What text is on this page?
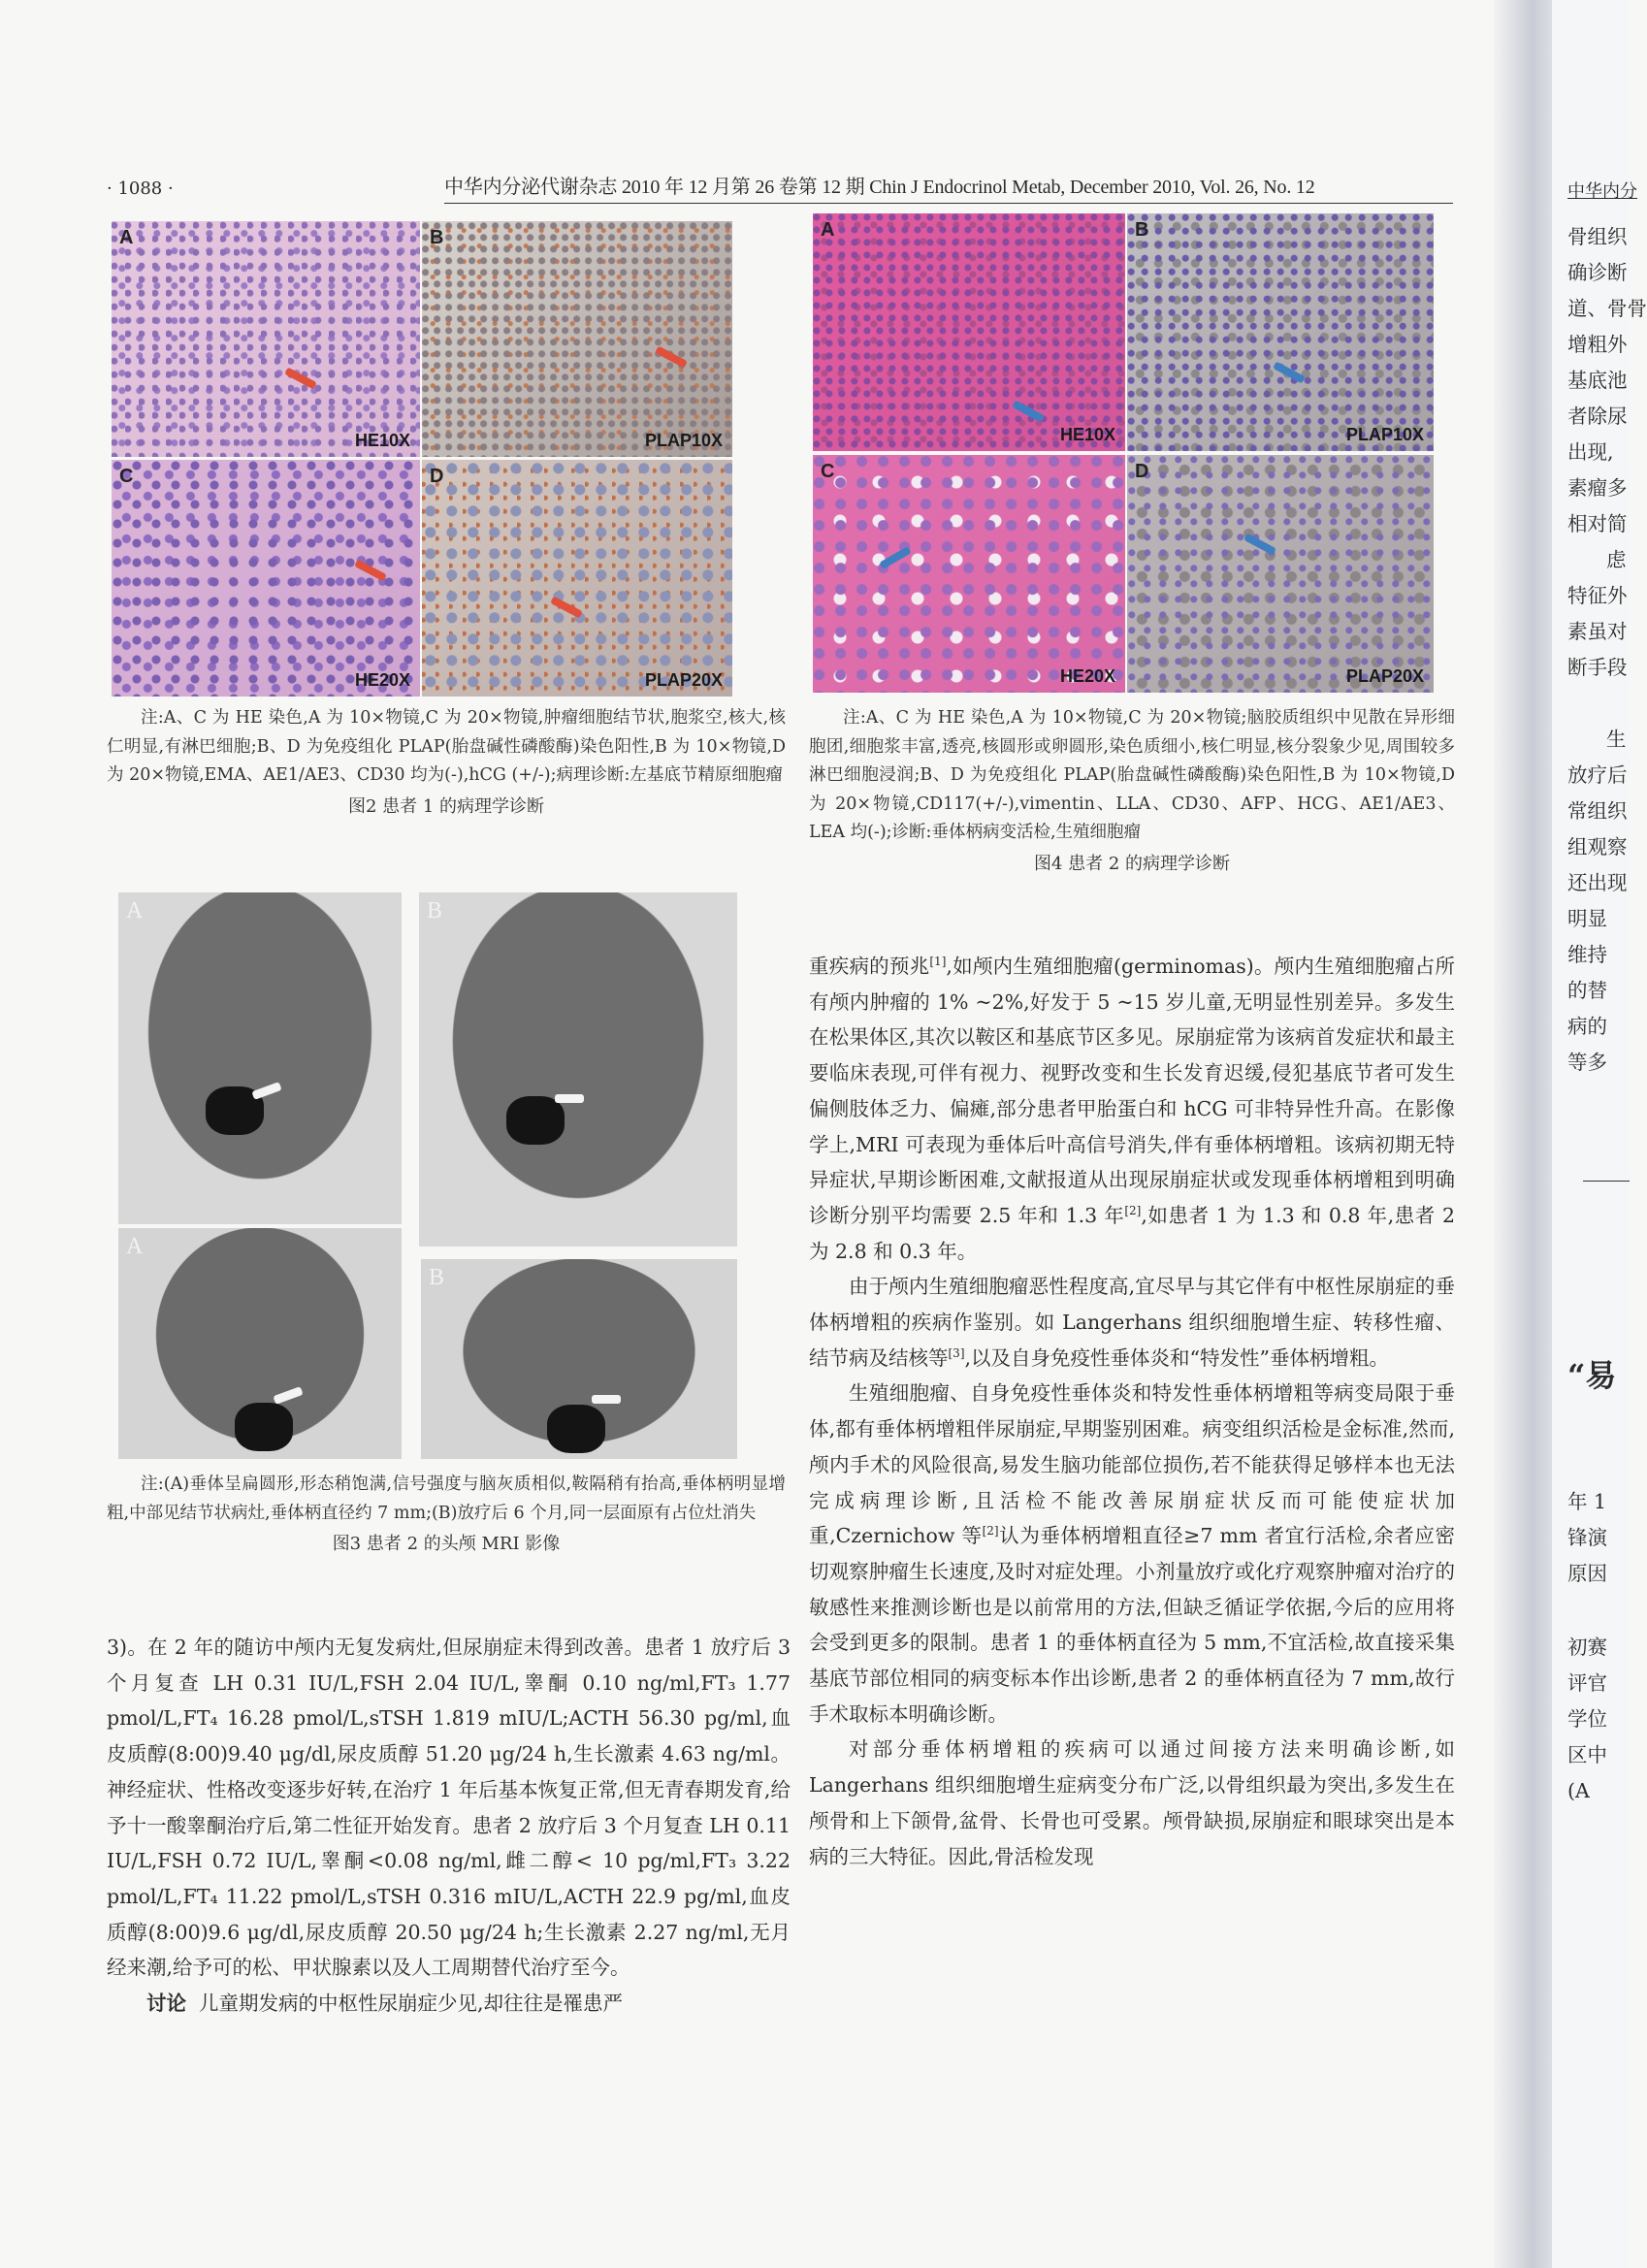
· 1088 ·	中华内分泌代谢杂志 2010 年 12 月第 26 卷第 12 期 Chin J Endocrinol Metab, December 2010, Vol. 26, No. 12
A
HE10X
B
PLAP10X
C
HE20X
D
PLAP20X
注:A、C 为 HE 染色,A 为 10×物镜,C 为 20×物镜,肿瘤细胞结节状,胞浆空,核大,核仁明显,有淋巴细胞;B、D 为免疫组化 PLAP(胎盘碱性磷酸酶)染色阳性,B 为 10×物镜,D 为 20×物镜,EMA、AE1/AE3、CD30 均为(-),hCG (+/-);病理诊断:左基底节精原细胞瘤
图2 患者 1 的病理学诊断
A	B
A
B
注:(A)垂体呈扁圆形,形态稍饱满,信号强度与脑灰质相似,鞍隔稍有抬高,垂体柄明显增粗,中部见结节状病灶,垂体柄直径约 7 mm;(B)放疗后 6 个月,同一层面原有占位灶消失
图3 患者 2 的头颅 MRI 影像

3)。在 2 年的随访中颅内无复发病灶,但尿崩症未得到改善。患者 1 放疗后 3 个月复查 LH 0.31 IU/L,FSH 2.04 IU/L,睾酮 0.10 ng/ml,FT₃ 1.77 pmol/L,FT₄ 16.28 pmol/L,sTSH 1.819 mIU/L;ACTH 56.30 pg/ml,血皮质醇(8:00)9.40 μg/dl,尿皮质醇 51.20 μg/24 h,生长激素 4.63 ng/ml。神经症状、性格改变逐步好转,在治疗 1 年后基本恢复正常,但无青春期发育,给予十一酸睾酮治疗后,第二性征开始发育。患者 2 放疗后 3 个月复查 LH 0.11 IU/L,FSH 0.72 IU/L,睾酮<0.08 ng/ml,雌二醇< 10 pg/ml,FT₃ 3.22 pmol/L,FT₄ 11.22 pmol/L,sTSH 0.316 mIU/L,ACTH 22.9 pg/ml,血皮质醇(8:00)9.6 μg/dl,尿皮质醇 20.50 μg/24 h;生长激素 2.27 ng/ml,无月经来潮,给予可的松、甲状腺素以及人工周期替代治疗至今。

讨论 儿童期发病的中枢性尿崩症少见,却往往是罹患严

A
HE10X
B
PLAP10X
C
HE20X
D
PLAP20X
注:A、C 为 HE 染色,A 为 10×物镜,C 为 20×物镜;脑胶质组织中见散在异形细胞团,细胞浆丰富,透亮,核圆形或卵圆形,染色质细小,核仁明显,核分裂象少见,周围较多淋巴细胞浸润;B、D 为免疫组化 PLAP(胎盘碱性磷酸酶)染色阳性,B 为 10×物镜,D 为 20×物镜,CD117(+/-),vimentin、LLA、CD30、AFP、HCG、AE1/AE3、LEA 均(-);诊断:垂体柄病变活检,生殖细胞瘤
图4 患者 2 的病理学诊断

重疾病的预兆[1],如颅内生殖细胞瘤(germinomas)。颅内生殖细胞瘤占所有颅内肿瘤的 1% ~2%,好发于 5 ~15 岁儿童,无明显性别差异。多发生在松果体区,其次以鞍区和基底节区多见。尿崩症常为该病首发症状和最主要临床表现,可伴有视力、视野改变和生长发育迟缓,侵犯基底节者可发生偏侧肢体乏力、偏瘫,部分患者甲胎蛋白和 hCG 可非特异性升高。在影像学上,MRI 可表现为垂体后叶高信号消失,伴有垂体柄增粗。该病初期无特异症状,早期诊断困难,文献报道从出现尿崩症状或发现垂体柄增粗到明确诊断分别平均需要 2.5 年和 1.3 年[2],如患者 1 为 1.3 和 0.8 年,患者 2 为 2.8 和 0.3 年。

由于颅内生殖细胞瘤恶性程度高,宜尽早与其它伴有中枢性尿崩症的垂体柄增粗的疾病作鉴别。如 Langerhans 组织细胞增生症、转移性瘤、结节病及结核等[3],以及自身免疫性垂体炎和“特发性”垂体柄增粗。

生殖细胞瘤、自身免疫性垂体炎和特发性垂体柄增粗等病变局限于垂体,都有垂体柄增粗伴尿崩症,早期鉴别困难。病变组织活检是金标准,然而,颅内手术的风险很高,易发生脑功能部位损伤,若不能获得足够样本也无法完成病理诊断,且活检不能改善尿崩症状反而可能使症状加重,Czernichow 等[2]认为垂体柄增粗直径≥7 mm 者宜行活检,余者应密切观察肿瘤生长速度,及时对症处理。小剂量放疗或化疗观察肿瘤对治疗的敏感性来推测诊断也是以前常用的方法,但缺乏循证学依据,今后的应用将会受到更多的限制。患者 1 的垂体柄直径为 5 mm,不宜活检,故直接采集基底节部位相同的病变标本作出诊断,患者 2 的垂体柄直径为 7 mm,故行手术取标本明确诊断。

对部分垂体柄增粗的疾病可以通过间接方法来明确诊断,如 Langerhans 组织细胞增生症病变分布广泛,以骨组织最为突出,多发生在颅骨和上下颌骨,盆骨、长骨也可受累。颅骨缺损,尿崩症和眼球突出是本病的三大特征。因此,骨活检发现

中华内分
骨组织
确诊断
道、骨骨
增粗外
基底池
者除尿
出现,
素瘤多
相对简
虑
特征外
素虽对
断手段
生
放疗后
常组织
组观察
还出现
明显
维持
的替
病的
等多
“易
年 1
锋演
原因
初赛
评官
学位
区中
(A
